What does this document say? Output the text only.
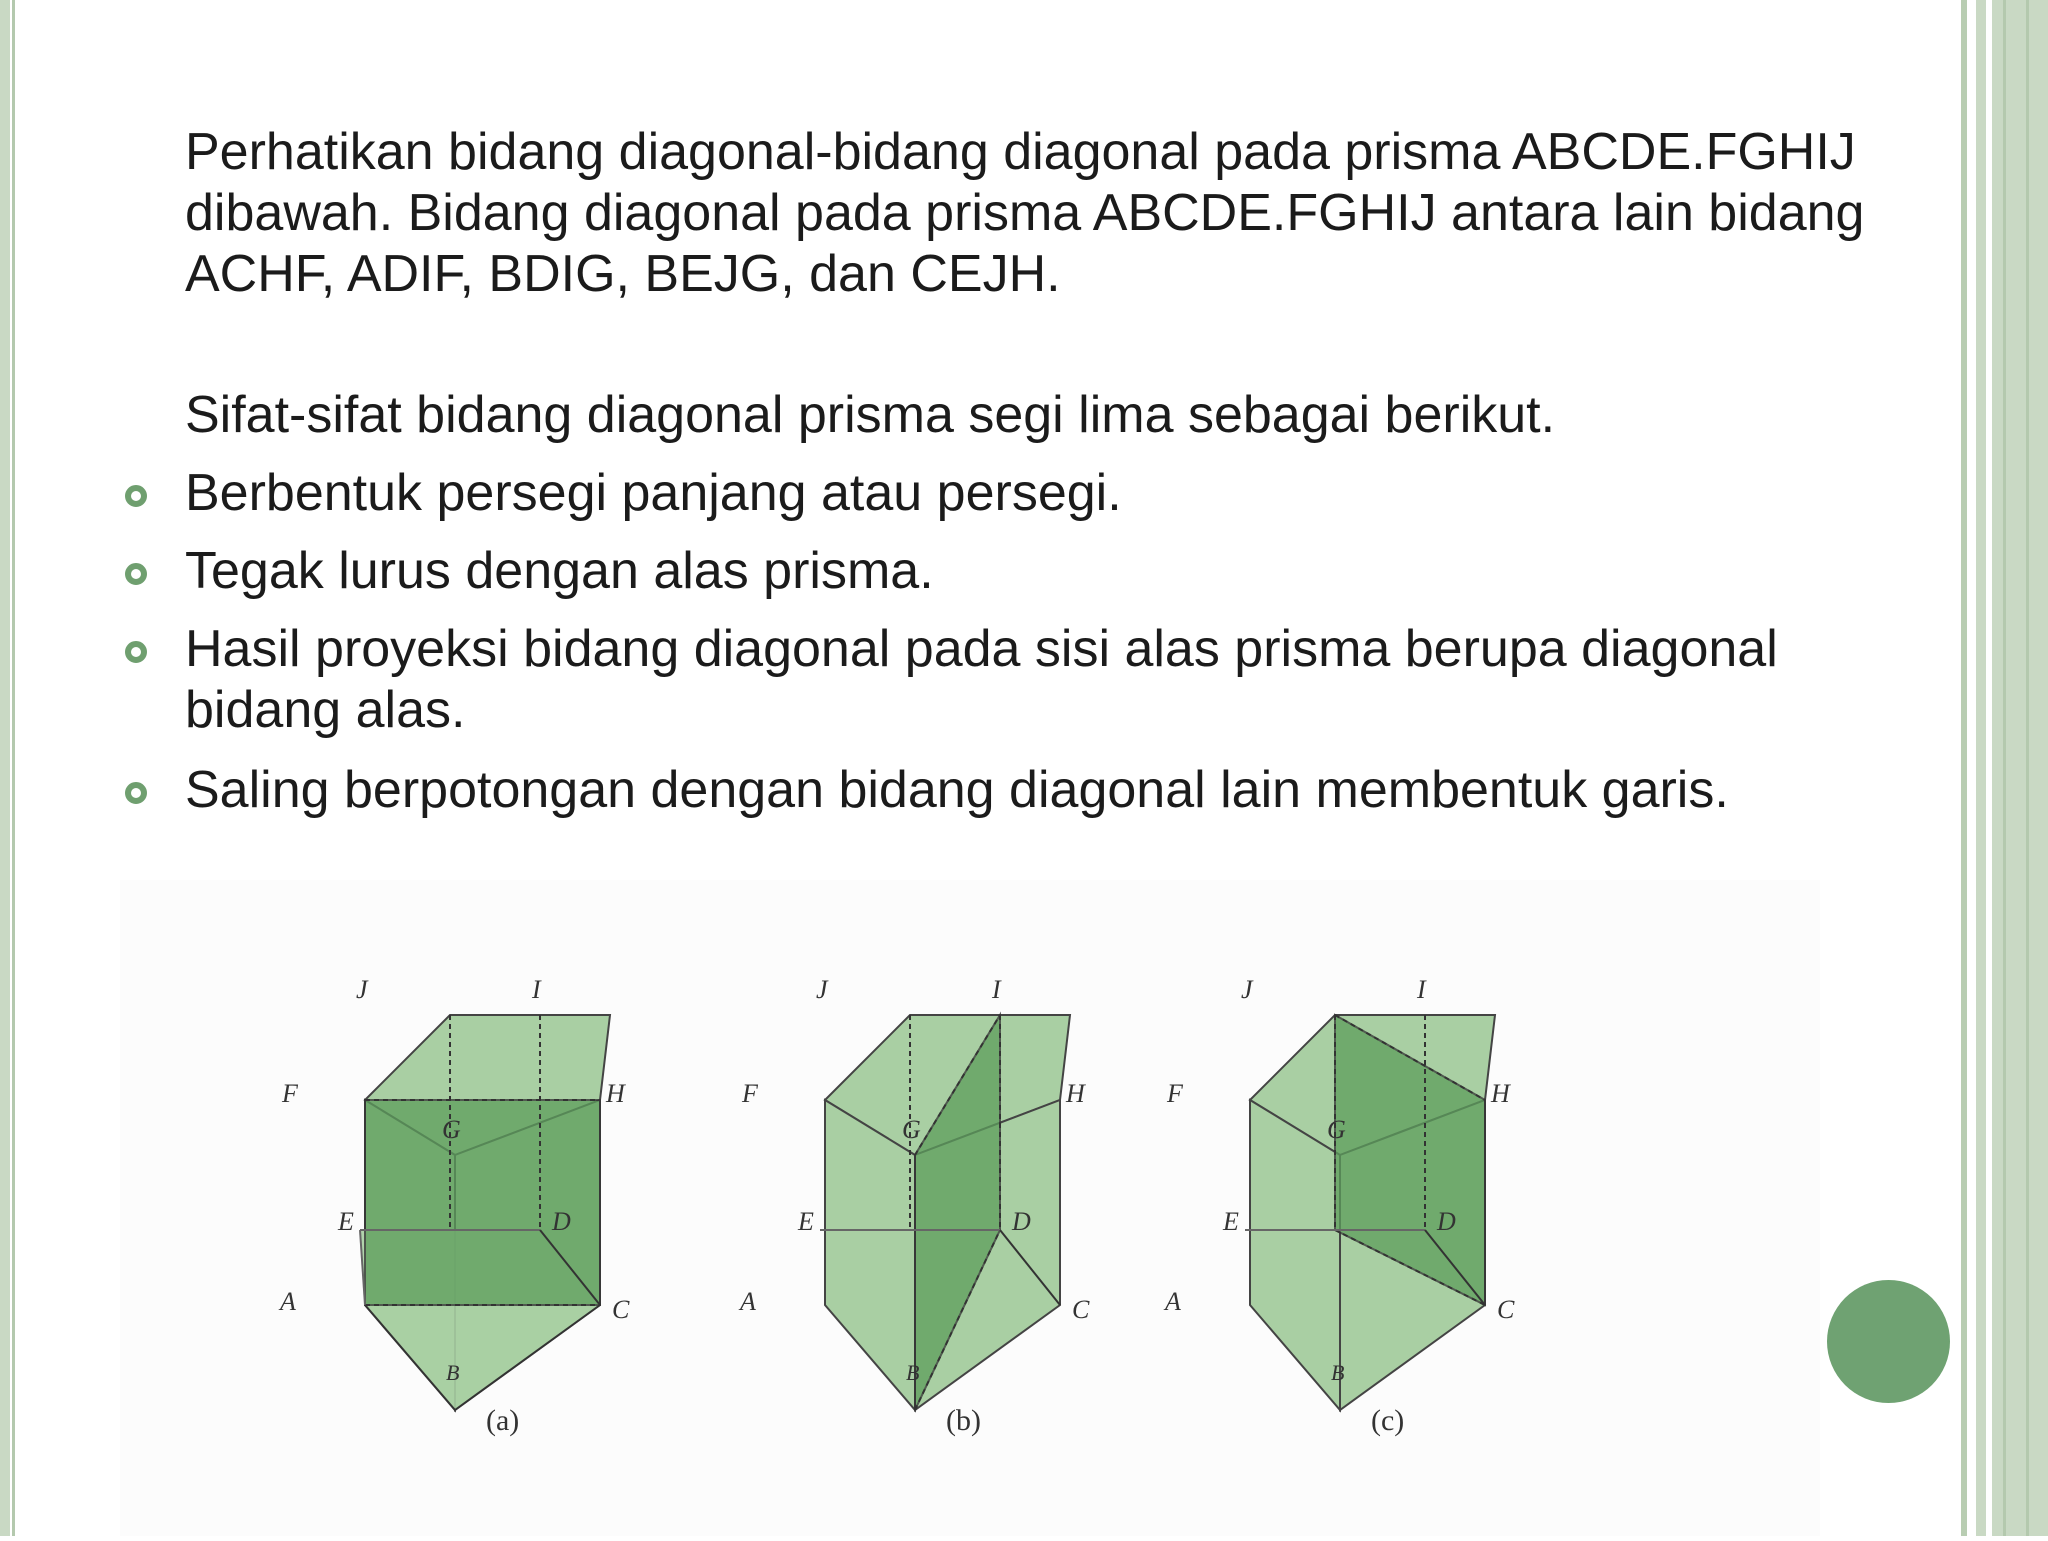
Perhatikan bidang diagonal-bidang diagonal pada prisma ABCDE.FGHIJ dibawah. Bidang diagonal pada prisma ABCDE.FGHIJ antara lain bidang ACHF, ADIF, BDIG, BEJG, dan CEJH.
Sifat-sifat bidang diagonal prisma segi lima sebagai berikut.
Berbentuk persegi panjang atau persegi.
Tegak lurus dengan alas prisma.
Hasil proyeksi bidang diagonal pada sisi alas prisma berupa diagonal bidang alas.
Saling berpotongan dengan bidang diagonal lain membentuk garis.
J	I
F	H
G
E	D
A	C
B
(a)
J	I
F	H
G
E	D
A	C
B
(b)
J	I
F	H
G
E	D
A	C
B
(c)
